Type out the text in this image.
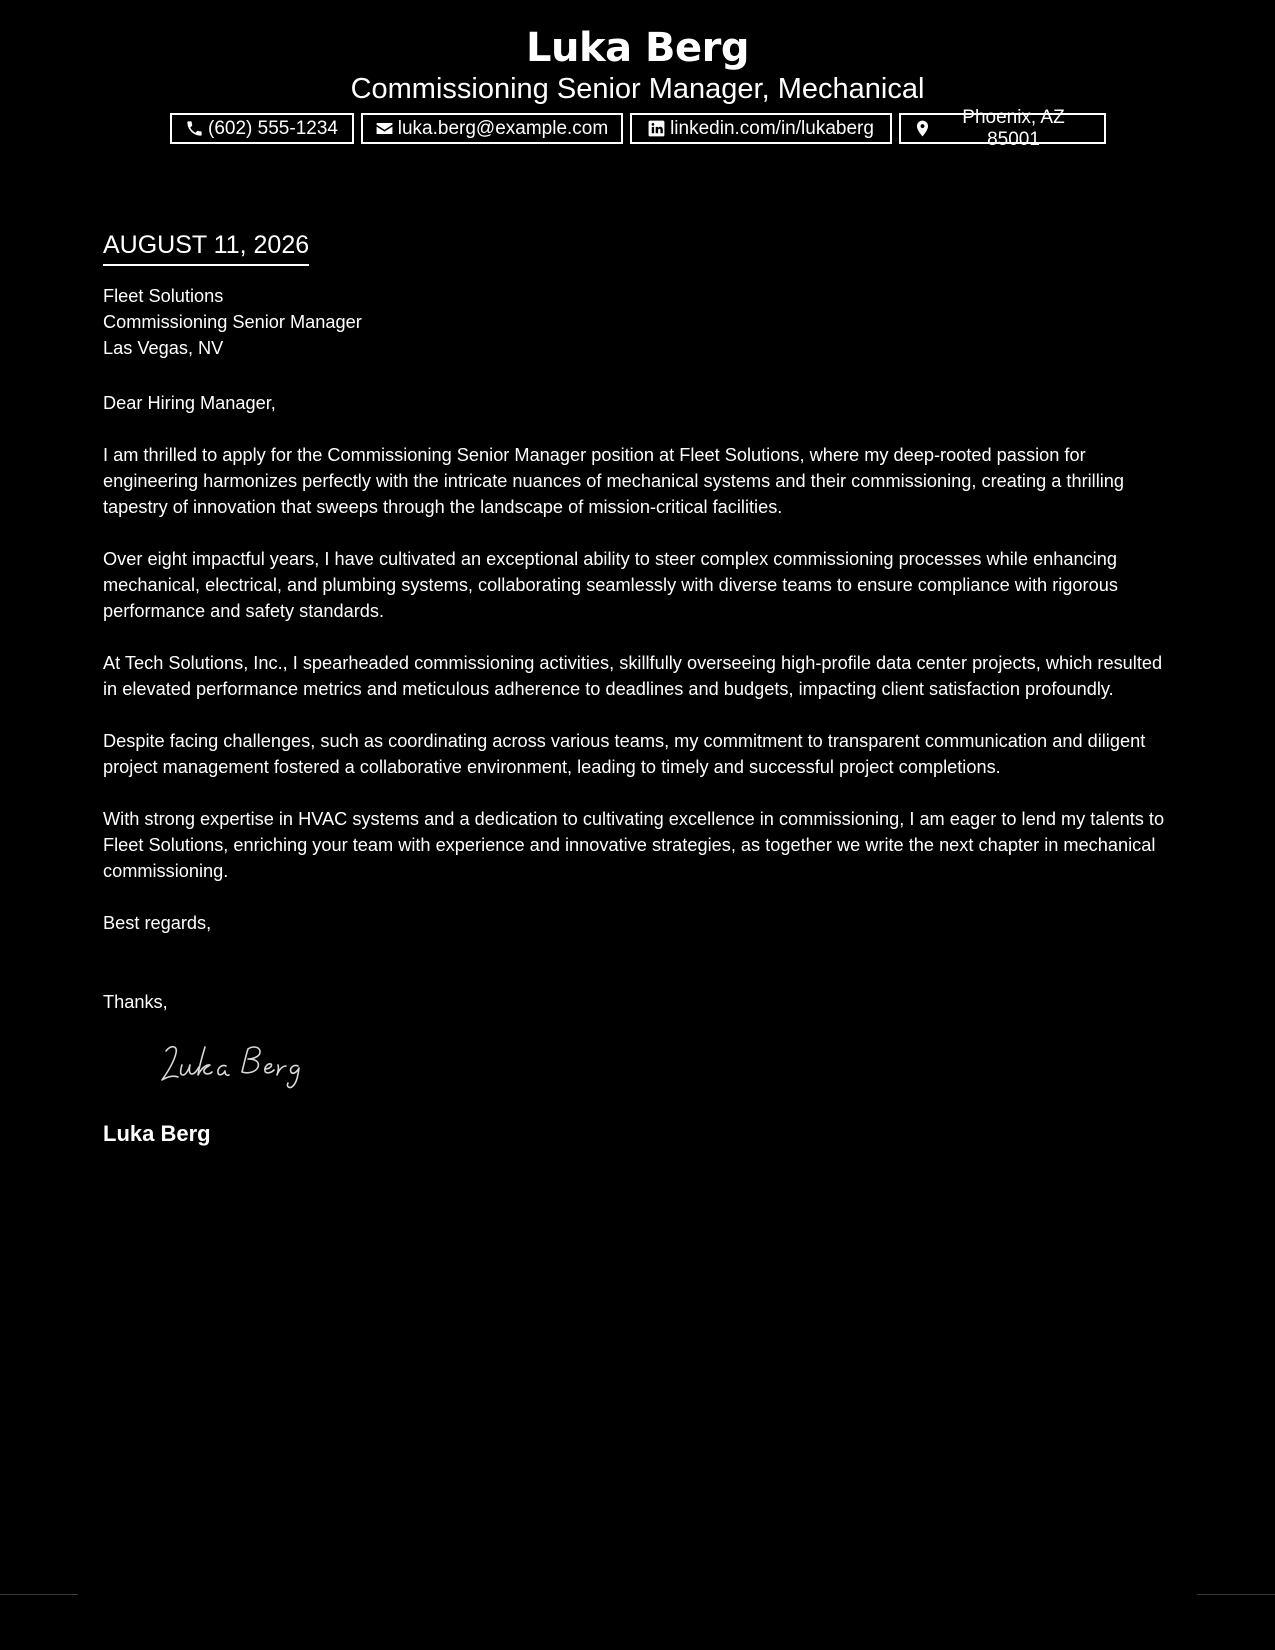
Luka Berg
Commissioning Senior Manager, Mechanical
(602) 555-1234	luka.berg@example.com	linkedin.com/in/lukaberg
Phoenix, AZ 85001
AUGUST 11, 2026
Fleet Solutions
Commissioning Senior Manager
Las Vegas, NV
Dear Hiring Manager,

I am thrilled to apply for the Commissioning Senior Manager position at Fleet Solutions, where my deep-rooted passion for engineering harmonizes perfectly with the intricate nuances of mechanical systems and their commissioning, creating a thrilling tapestry of innovation that sweeps through the landscape of mission-critical facilities.

Over eight impactful years, I have cultivated an exceptional ability to steer complex commissioning processes while enhancing mechanical, electrical, and plumbing systems, collaborating seamlessly with diverse teams to ensure compliance with rigorous performance and safety standards.

At Tech Solutions, Inc., I spearheaded commissioning activities, skillfully overseeing high-profile data center projects, which resulted in elevated performance metrics and meticulous adherence to deadlines and budgets, impacting client satisfaction profoundly.

Despite facing challenges, such as coordinating across various teams, my commitment to transparent communication and diligent project management fostered a collaborative environment, leading to timely and successful project completions.

With strong expertise in HVAC systems and a dedication to cultivating excellence in commissioning, I am eager to lend my talents to Fleet Solutions, enriching your team with experience and innovative strategies, as together we write the next chapter in mechanical commissioning.

Best regards,
Thanks,
Luka Berg
